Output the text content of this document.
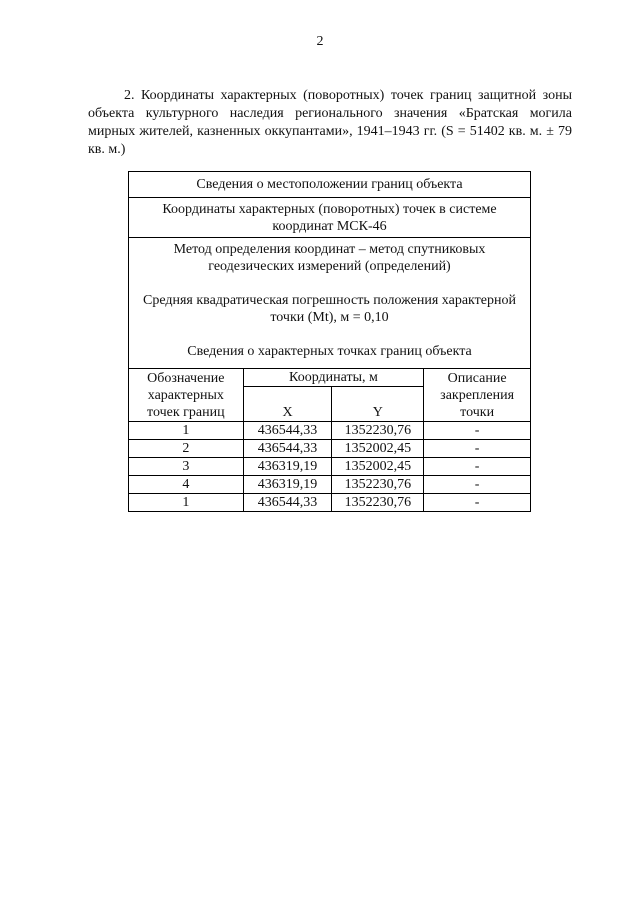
2
2. Координаты характерных (поворотных) точек границ защитной зоны объекта культурного наследия регионального значения «Братская могила мирных жителей, казненных оккупантами», 1941–1943 гг. (S = 51402 кв. м. ± 79 кв. м.)
Сведения о местоположении границ объекта			
Координаты характерных (поворотных) точек в системе координат МСК-46			

Метод определения координат – метод спутниковых геодезических измерений (определений)

Средняя квадратическая погрешность положения характерной точки (Mt), м = 0,10

Сведения о характерных точках границ объекта			

Обозначение характерных точек границ	Координаты, м		Описание закрепления точки
	X	Y	
1	436544,33	1352230,76	-
2	436544,33	1352002,45	-
3	436319,19	1352002,45	-
4	436319,19	1352230,76	-
1	436544,33	1352230,76	-
